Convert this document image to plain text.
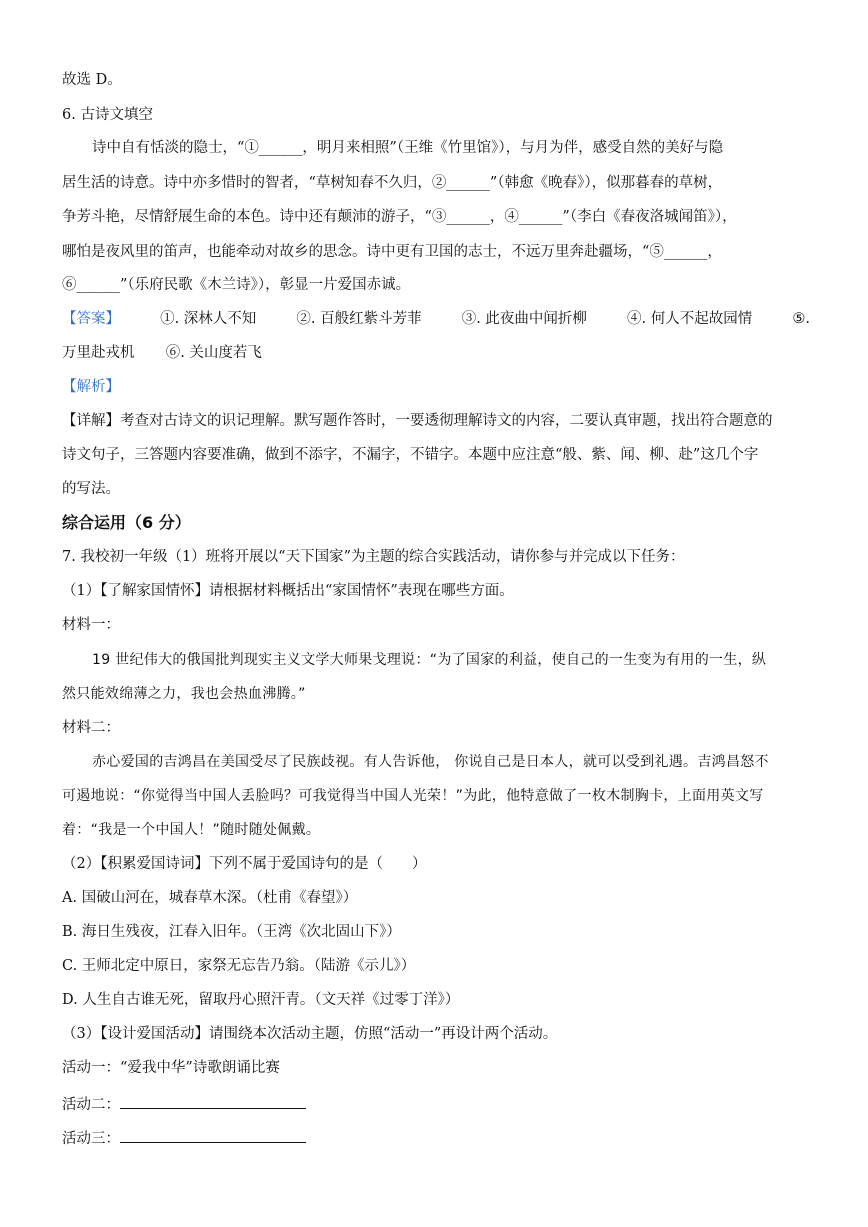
故选 D。
6. 古诗文填空
诗中自有恬淡的隐士，“①______，明月来相照”（王维《竹里馆》），与月为伴，感受自然的美好与隐
居生活的诗意。诗中亦多惜时的智者，“草树知春不久归，②______”（韩愈《晚春》），似那暮春的草树，
争芳斗艳，尽情舒展生命的本色。诗中还有颠沛的游子，“③______，④______”（李白《春夜洛城闻笛》），
哪怕是夜风里的笛声，也能牵动对故乡的思念。诗中更有卫国的志士，不远万里奔赴疆场，“⑤______，
⑥______”（乐府民歌《木兰诗》），彰显一片爱国赤诚。
【答案】	①. 深林人不知	②. 百般红紫斗芳菲	③. 此夜曲中闻折柳	④. 何人不起故园情	⑤.
万里赴戎机 ⑥. 关山度若飞
【解析】
【详解】考查对古诗文的识记理解。默写题作答时，一要透彻理解诗文的内容，二要认真审题，找出符合题意的
诗文句子，三答题内容要准确，做到不添字，不漏字，不错字。本题中应注意“般、紫、闻、柳、赴”这几个字
的写法。
综合运用（6 分）
7. 我校初一年级（1）班将开展以“天下国家”为主题的综合实践活动，请你参与并完成以下任务：
（1）【了解家国情怀】请根据材料概括出“家国情怀”表现在哪些方面。
材料一：
19 世纪伟大的俄国批判现实主义文学大师果戈理说：“为了国家的利益，使自己的一生变为有用的一生，纵
然只能效绵薄之力，我也会热血沸腾。”
材料二：
赤心爱国的吉鸿昌在美国受尽了民族歧视。有人告诉他， 你说自己是日本人，就可以受到礼遇。吉鸿昌怒不
可遏地说：“你觉得当中国人丢脸吗？可我觉得当中国人光荣！”为此，他特意做了一枚木制胸卡，上面用英文写
着：“我是一个中国人！”随时随处佩戴。
（2）【积累爱国诗词】下列不属于爱国诗句的是（　　）
A. 国破山河在，城春草木深。（杜甫《春望》）
B. 海日生残夜，江春入旧年。（王湾《次北固山下》）
C. 王师北定中原日，家祭无忘告乃翁。（陆游《示儿》）
D. 人生自古谁无死，留取丹心照汗青。（文天祥《过零丁洋》）
（3）【设计爱国活动】请围绕本次活动主题，仿照“活动一”再设计两个活动。
活动一：“爱我中华”诗歌朗诵比赛
活动二：
活动三：
